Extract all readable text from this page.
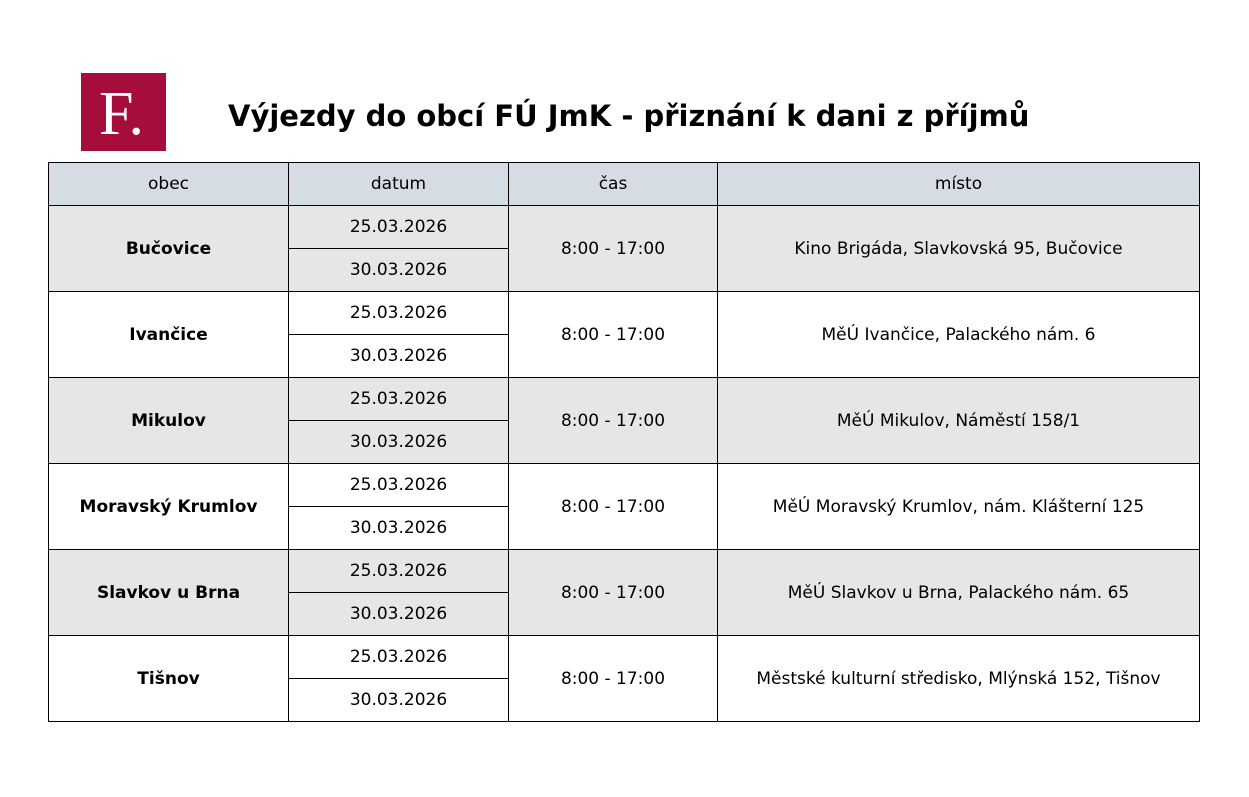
F.	Výjezdy do obcí FÚ JmK - přiznání k dani z příjmů
obec	datum	čas	místo
Bučovice	25.03.2026	8:00 - 17:00	Kino Brigáda, Slavkovská 95, Bučovice
	30.03.2026		
Ivančice	25.03.2026	8:00 - 17:00	MěÚ Ivančice, Palackého nám. 6
	30.03.2026		
Mikulov	25.03.2026	8:00 - 17:00	MěÚ Mikulov, Náměstí 158/1
	30.03.2026		
Moravský Krumlov	25.03.2026	8:00 - 17:00	MěÚ Moravský Krumlov, nám. Klášterní 125
	30.03.2026		
Slavkov u Brna	25.03.2026	8:00 - 17:00	MěÚ Slavkov u Brna, Palackého nám. 65
	30.03.2026		
Tišnov	25.03.2026	8:00 - 17:00	Městské kulturní středisko, Mlýnská 152, Tišnov
	30.03.2026		
